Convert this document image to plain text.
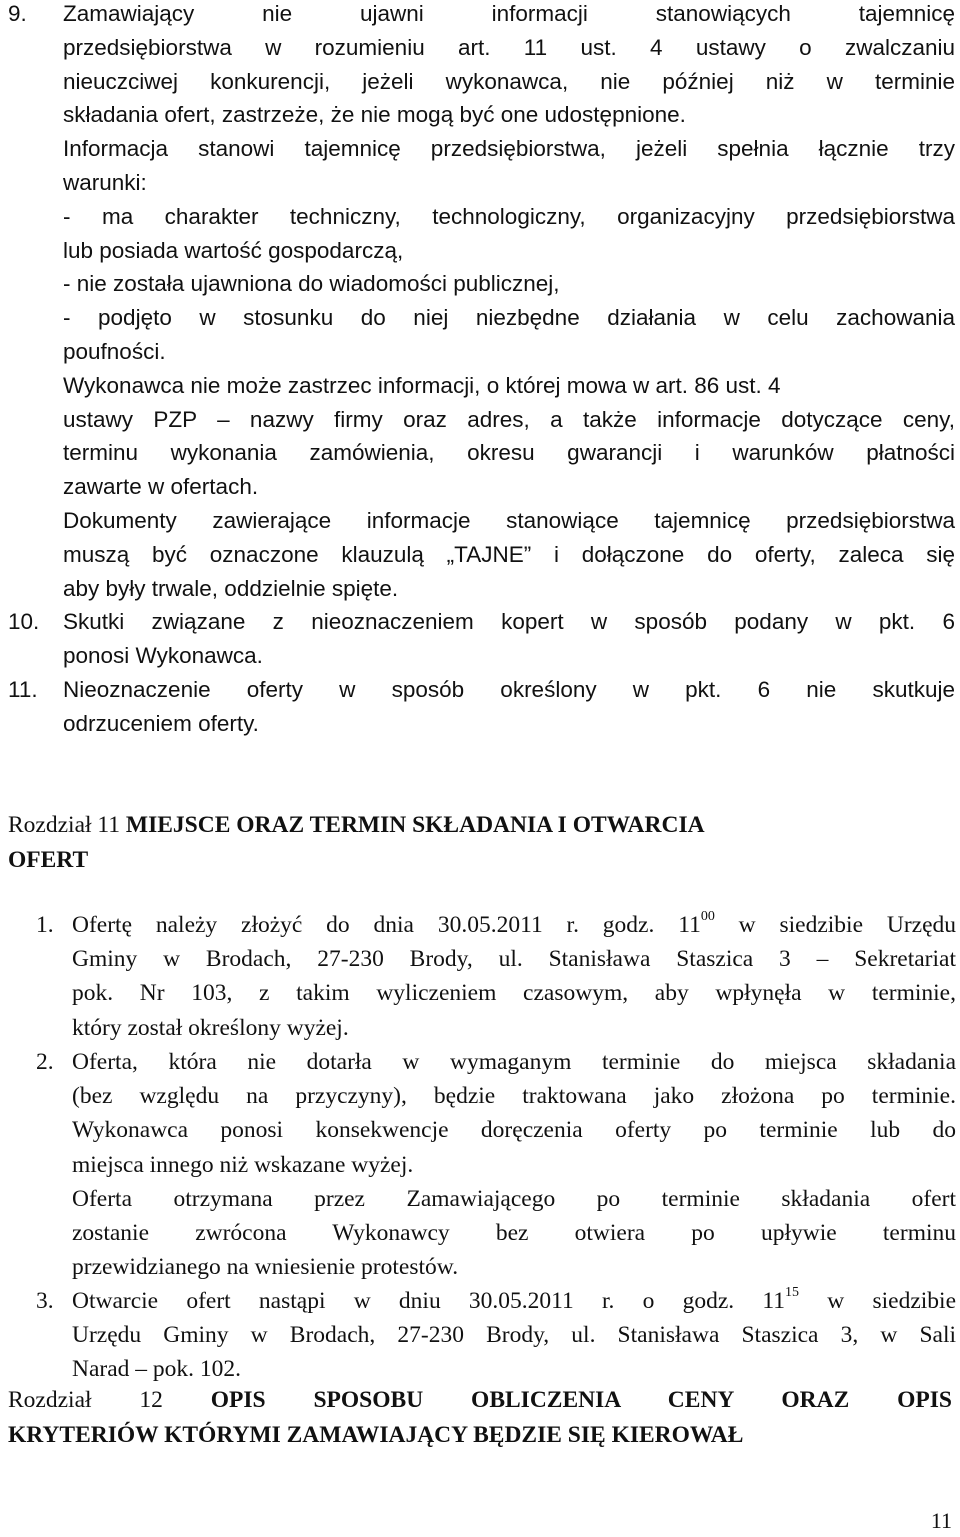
9.	Zamawiający nie ujawni informacji stanowiących tajemnicę
przedsiębiorstwa w rozumieniu art. 11 ust. 4 ustawy o zwalczaniu
nieuczciwej konkurencji, jeżeli wykonawca, nie później niż w terminie
składania ofert, zastrzeże, że nie mogą być one udostępnione.
Informacja stanowi tajemnicę przedsiębiorstwa, jeżeli spełnia łącznie trzy
warunki:
- ma charakter techniczny, technologiczny, organizacyjny przedsiębiorstwa
lub posiada wartość gospodarczą,
- nie została ujawniona do wiadomości publicznej,
- podjęto w stosunku do niej niezbędne działania w celu zachowania
poufności.
Wykonawca nie może zastrzec informacji, o której mowa w art. 86 ust. 4
ustawy PZP – nazwy firmy oraz adres, a także informacje dotyczące ceny,
terminu wykonania zamówienia, okresu gwarancji i warunków płatności
zawarte w ofertach.
Dokumenty zawierające informacje stanowiące tajemnicę przedsiębiorstwa
muszą być oznaczone klauzulą „TAJNE” i dołączone do oferty, zaleca się
aby były trwale, oddzielnie spięte.
10.	Skutki związane z nieoznaczeniem kopert w sposób podany w pkt. 6
ponosi Wykonawca.
11.	Nieoznaczenie oferty w sposób określony w pkt. 6 nie skutkuje
odrzuceniem oferty.
Rozdział 11 MIEJSCE ORAZ TERMIN SKŁADANIA I OTWARCIA
OFERT
1. Ofertę należy złożyć do dnia 30.05.2011 r. godz. $11^{00}$ w siedzibie Urzędu
Gminy w Brodach, 27-230 Brody, ul. Stanisława Staszica 3 – Sekretariat
pok. Nr 103, z takim wyliczeniem czasowym, aby wpłynęła w terminie,
który został określony wyżej.
2. Oferta, która nie dotarła w wymaganym terminie do miejsca składania
(bez względu na przyczyny), będzie traktowana jako złożona po terminie.
Wykonawca ponosi konsekwencje doręczenia oferty po terminie lub do
miejsca innego niż wskazane wyżej.
Oferta otrzymana przez Zamawiającego po terminie składania ofert
zostanie zwrócona Wykonawcy bez otwiera po upływie terminu
przewidzianego na wniesienie protestów.
3. Otwarcie ofert nastąpi w dniu 30.05.2011 r. o godz. $11^{15}$ w siedzibie
Urzędu Gminy w Brodach, 27-230 Brody, ul. Stanisława Staszica 3, w Sali
Narad – pok. 102.
Rozdział 12 OPIS SPOSOBU OBLICZENIA CENY ORAZ OPIS
KRYTERIÓW KTÓRYMI ZAMAWIAJĄCY BĘDZIE SIĘ KIEROWAŁ
11
